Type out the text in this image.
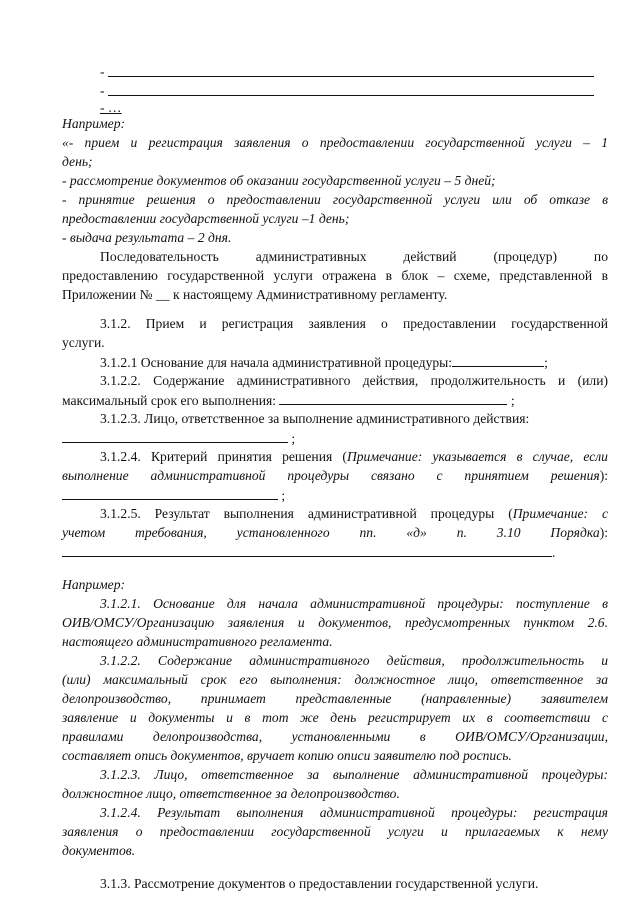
-
-
- …
Например:
«- прием и регистрация заявления о предоставлении государственной услуги – 1
день;
- рассмотрение документов об оказании государственной услуги – 5 дней;
- принятие решения о предоставлении государственной услуги или об отказе в
предоставлении государственной услуги –1 день;
- выдача результата – 2 дня.
Последовательность административных действий (процедур) по
предоставлению государственной услуги отражена в блок – схеме, представленной в
Приложении № __ к настоящему Административному регламенту.
3.1.2. Прием и регистрация заявления о предоставлении государственной
услуги.
3.1.2.1 Основание для начала административной процедуры:	;
3.1.2.2. Содержание административного действия, продолжительность и (или)
максимальный срок его выполнения:	;
3.1.2.3. Лицо, ответственное за выполнение административного действия:
;
3.1.2.4. Критерий принятия решения (Примечание: указывается в случае, если
выполнение административной процедуры связано с принятием решения):
;
3.1.2.5. Результат выполнения административной процедуры (Примечание: с
учетом требования, установленного пп. «д» п. 3.10 Порядка):
.
Например:
3.1.2.1. Основание для начала административной процедуры: поступление в
ОИВ/ОМСУ/Организацию заявления и документов, предусмотренных пунктом 2.6.
настоящего административного регламента.
3.1.2.2. Содержание административного действия, продолжительность и
(или) максимальный срок его выполнения: должностное лицо, ответственное за
делопроизводство, принимает представленные (направленные) заявителем
заявление и документы и в тот же день регистрирует их в соответствии с
правилами делопроизводства, установленными в ОИВ/ОМСУ/Организации,
составляет опись документов, вручает копию описи заявителю под роспись.
3.1.2.3. Лицо, ответственное за выполнение административной процедуры:
должностное лицо, ответственное за делопроизводство.
3.1.2.4. Результат выполнения административной процедуры: регистрация
заявления о предоставлении государственной услуги и прилагаемых к нему
документов.
3.1.3. Рассмотрение документов о предоставлении государственной услуги.
